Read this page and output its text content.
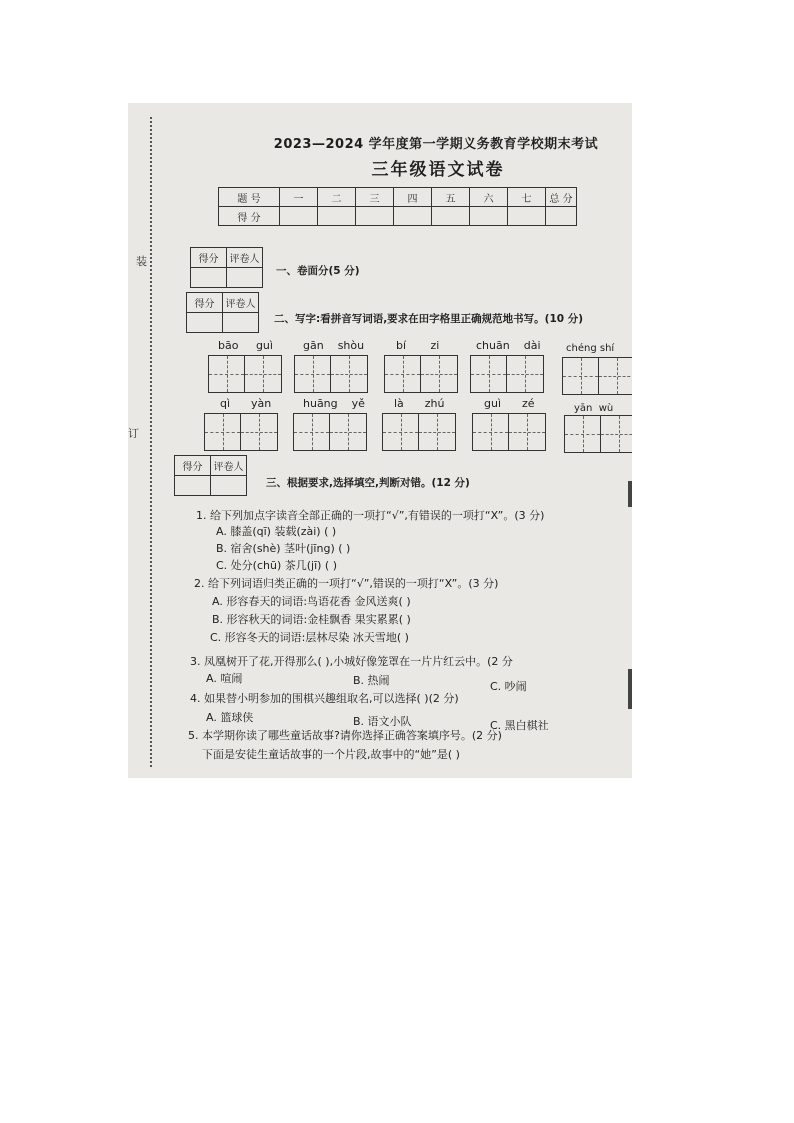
装
订
2023—2024 学年度第一学期义务教育学校期末考试
三年级语文试卷
题 号	一	二	三	四	五	六	七	总 分
得 分								
得分	评卷人

一、卷面分(5 分)
得分	评卷人

二、写字:看拼音写词语,要求在田字格里正确规范地书写。(10 分)
bāo guì	gān shòu	bí zi	chuān dài	chéng shí
qì yàn	huāng yě	là zhú	guì zé	yān wù
得分	评卷人

三、根据要求,选择填空,判断对错。(12 分)
1. 给下列加点字读音全部正确的一项打“√”,有错误的一项打“X”。(3 分)
A. 膝盖(qī) 装载(zài) ( )
B. 宿舍(shè) 茎叶(jīng) ( )
C. 处分(chū) 茶几(jī) ( )
2. 给下列词语归类正确的一项打“√”,错误的一项打“X”。(3 分)
A. 形容春天的词语:鸟语花香 金风送爽( )
B. 形容秋天的词语:金桂飘香 果实累累( )
C. 形容冬天的词语:层林尽染 冰天雪地( )
3. 凤凰树开了花,开得那么( ),小城好像笼罩在一片片红云中。(2 分
A. 喧闹	B. 热闹	C. 吵闹
4. 如果替小明参加的围棋兴趣组取名,可以选择( )(2 分)
A. 篮球侠	B. 语文小队	C. 黑白棋社
5. 本学期你读了哪些童话故事?请你选择正确答案填序号。(2 分)
下面是安徒生童话故事的一个片段,故事中的“她”是( )
